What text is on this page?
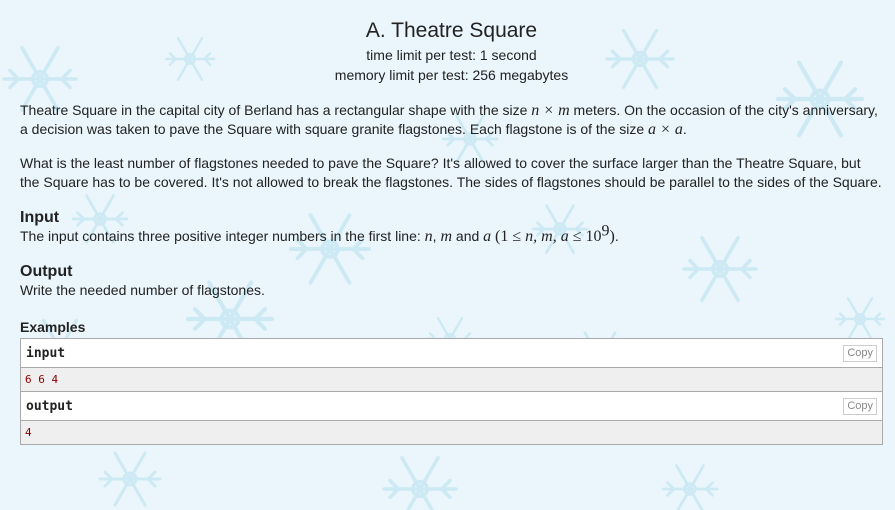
A. Theatre Square
time limit per test: 1 second
memory limit per test: 256 megabytes

Theatre Square in the capital city of Berland has a rectangular shape with the size n × m meters. On the occasion of the city's anniversary, a decision was taken to pave the Square with square granite flagstones. Each flagstone is of the size a × a.

What is the least number of flagstones needed to pave the Square? It's allowed to cover the surface larger than the Theatre Square, but the Square has to be covered. It's not allowed to break the flagstones. The sides of flagstones should be parallel to the sides of the Square.

Input

The input contains three positive integer numbers in the first line: n, m and a (1 ≤ n, m, $a \le 10^9$).

Output

Write the needed number of flagstones.

Examples
input	Copy
6 6 4
output	Copy
4
